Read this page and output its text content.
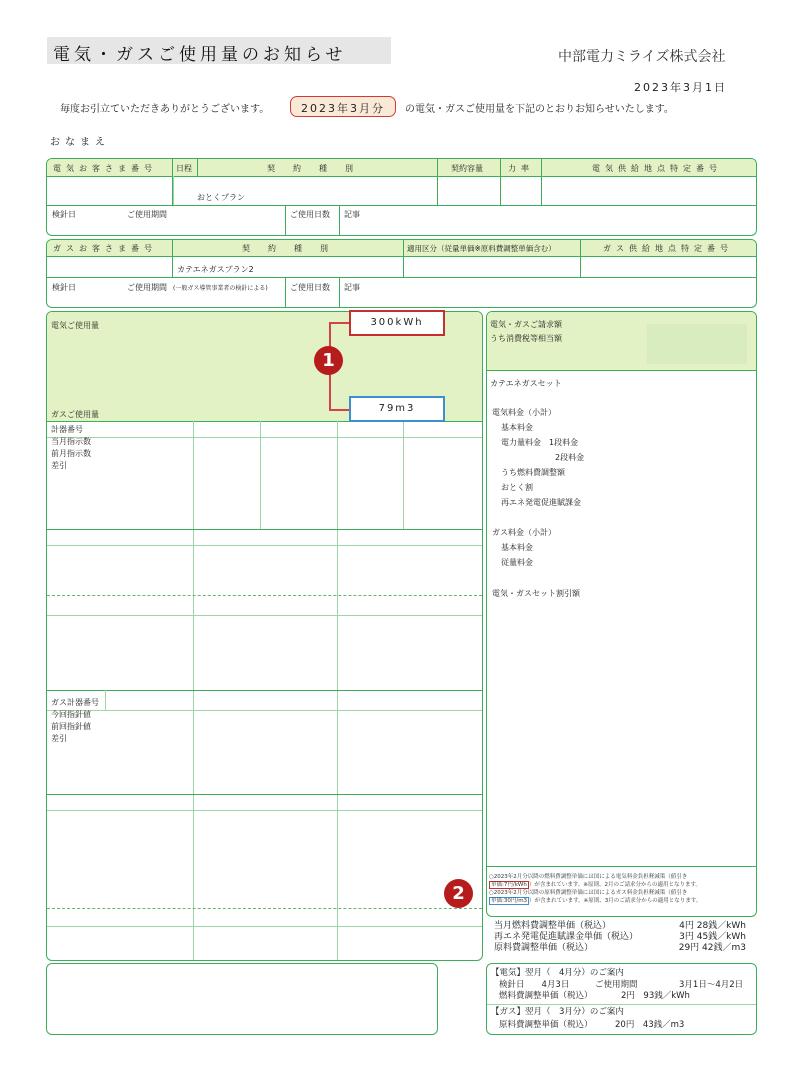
電気・ガスご使用量のお知らせ	中部電力ミライズ株式会社
2023年3月1日
毎度お引立ていただきありがとうございます。	2023年3月分	の電気・ガスご使用量を下記のとおりお知らせいたします。
おなまえ
電気お客さま番号 日程	契約種別	契約容量	力率	電気供給地点特定番号
おとくプラン
検針日	ご使用期間	ご使用日数 記事
ガスお客さま番号	契約種別	適用区分（従量単価※原料費調整単価含む）	ガス供給地点特定番号
カテエネガスプラン2
検針日	ご使用期間 (一般ガス導管事業者の検針による)	ご使用日数 記事
電気ご使用量
ガスご使用量
計器番号
当月指示数
前月指示数
差引
ガス計器番号
今回指針値
前回指針値
差引
300kWh
79m3
1
電気・ガスご請求額
うち消費税等相当額
カテエネガスセット
電気料金（小計）
基本料金
電力量料金　1段料金
2段料金
うち燃料費調整額
おとく割
再エネ発電促進賦課金
ガス料金（小計）
基本料金
従量料金
電気・ガスセット割引額
○2023年2月分以降の燃料費調整単価には国による電気料金負担軽減策（値引き
単価:7円/kWh ）が含まれています。※原則、2月のご請求分からの適用となります。
○2023年2月分以降の原料費調整単価には国によるガス料金負担軽減策（値引き
単価:30円/m3 ）が含まれています。※原則、3月のご請求分からの適用となります。
2
当月燃料費調整単価（税込）	4円 28銭／kWh
再エネ発電促進賦課金単価（税込）	3円 45銭／kWh
原料費調整単価（税込）	29円 42銭／m3
【電気】翌月（　4月分）のご案内
検針日　　4月3日	ご使用期間	3月1日～4月2日
燃料費調整単価（税込）	2円　93銭／kWh
【ガス】翌月（　3月分）のご案内
原料費調整単価（税込）	20円　43銭／m3
